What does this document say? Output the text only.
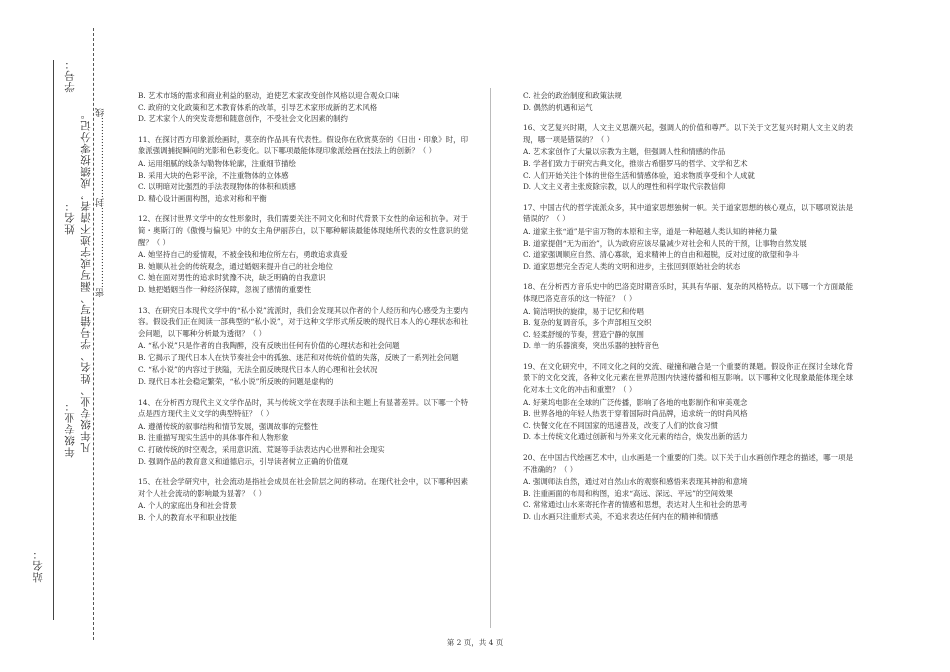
站名：
年级专业：
姓名：
学号：
凡年级专业、姓名、学号错写、漏写或字迹不清者，成绩按零分记。 密………………………封………………………线

B. 艺术市场的需求和商业利益的驱动，迫使艺术家改变创作风格以迎合观众口味

C. 政府的文化政策和艺术教育体系的改革，引导艺术家形成新的艺术风格

D. 艺术家个人的突发奇想和随意创作，不受社会文化因素的制约

11、在探讨西方印象派绘画时，莫奈的作品具有代表性。假设你在欣赏莫奈的《日出・印象》时，印象派强调捕捉瞬间的光影和色彩变化。以下哪项最能体现印象派绘画在技法上的创新？（ ）

A. 运用细腻的线条勾勒物体轮廓，注重细节描绘

B. 采用大块的色彩平涂，不注重物体的立体感

C. 以明暗对比强烈的手法表现物体的体积和质感

D. 精心设计画面构图，追求对称和平衡

12、在探讨世界文学中的女性形象时，我们需要关注不同文化和时代背景下女性的命运和抗争。对于简・奥斯汀的《傲慢与偏见》中的女主角伊丽莎白，以下哪种解读最能体现她所代表的女性意识的觉醒？（ ）

A. 她坚持自己的爱情观，不被金钱和地位所左右，勇敢追求真爱

B. 她顺从社会的传统观念，通过婚姻来提升自己的社会地位

C. 她在面对男性的追求时犹豫不决，缺乏明确的自我意识

D. 她把婚姻当作一种经济保障，忽视了感情的重要性

13、在研究日本现代文学中的“私小说”流派时，我们会发现其以作者的个人经历和内心感受为主要内容。假设我们正在阅读一部典型的“私小说”，对于这种文学形式所反映的现代日本人的心理状态和社会问题，以下哪种分析最为透彻？（ ）

A. “私小说”只是作者的自我陶醉，没有反映出任何有价值的心理状态和社会问题

B. 它揭示了现代日本人在快节奏社会中的孤独、迷茫和对传统价值的失落，反映了一系列社会问题

C. “私小说”的内容过于狭隘，无法全面反映现代日本人的心理和社会状况

D. 现代日本社会稳定繁荣，“私小说”所反映的问题是虚构的

14、在分析西方现代主义文学作品时，其与传统文学在表现手法和主题上有显著差异。以下哪一个特点是西方现代主义文学的典型特征？（ ）

A. 遵循传统的叙事结构和情节发展，强调故事的完整性

B. 注重描写现实生活中的具体事件和人物形象

C. 打破传统的时空观念，采用意识流、荒诞等手法表达内心世界和社会现实

D. 强调作品的教育意义和道德启示，引导读者树立正确的价值观

15、在社会学研究中，社会流动是指社会成员在社会阶层之间的移动。在现代社会中，以下哪种因素对个人社会流动的影响最为显著？（ ）

A. 个人的家庭出身和社会背景

B. 个人的教育水平和职业技能

C. 社会的政治制度和政策法规

D. 偶然的机遇和运气

16、文艺复兴时期，人文主义思潮兴起，强调人的价值和尊严。以下关于文艺复兴时期人文主义的表现，哪一项是错误的？（ ）

A. 艺术家创作了大量以宗教为主题，但强调人性和情感的作品

B. 学者们致力于研究古典文化，推崇古希腊罗马的哲学、文学和艺术

C. 人们开始关注个体的世俗生活和情感体验，追求物质享受和个人成就

D. 人文主义者主张废除宗教，以人的理性和科学取代宗教信仰

17、中国古代的哲学流派众多，其中道家思想独树一帜。关于道家思想的核心观点，以下哪项说法是错误的？（ ）

A. 道家主张“道”是宇宙万物的本原和主宰，道是一种超越人类认知的神秘力量

B. 道家提倡“无为而治”，认为政府应该尽量减少对社会和人民的干预，让事物自然发展

C. 道家强调顺应自然、清心寡欲，追求精神上的自由和超脱，反对过度的欲望和争斗

D. 道家思想完全否定人类的文明和进步，主张回到原始社会的状态

18、在分析西方音乐史中的巴洛克时期音乐时，其具有华丽、复杂的风格特点。以下哪一个方面最能体现巴洛克音乐的这一特征？（ ）

A. 简洁明快的旋律，易于记忆和传唱

B. 复杂的复调音乐，多个声部相互交织

C. 轻柔舒缓的节奏，营造宁静的氛围

D. 单一的乐器演奏，突出乐器的独特音色

19、在文化研究中，不同文化之间的交流、碰撞和融合是一个重要的课题。假设你正在探讨全球化背景下的文化交流，各种文化元素在世界范围内快速传播和相互影响。以下哪种文化现象最能体现全球化对本土文化的冲击和重塑？（ ）

A. 好莱坞电影在全球的广泛传播，影响了各地的电影制作和审美观念

B. 世界各地的年轻人热衷于穿着国际时尚品牌，追求统一的时尚风格

C. 快餐文化在不同国家的迅速普及，改变了人们的饮食习惯

D. 本土传统文化通过创新和与外来文化元素的结合，焕发出新的活力

20、在中国古代绘画艺术中，山水画是一个重要的门类。以下关于山水画创作理念的描述，哪一项是不准确的？（ ）

A. 强调师法自然，通过对自然山水的观察和感悟来表现其神韵和意境

B. 注重画面的布局和构图，追求“高远、深远、平远”的空间效果

C. 常常通过山水来寄托作者的情感和思想，表达对人生和社会的思考

D. 山水画只注重形式美，不追求表达任何内在的精神和情感

第 2 页，共 4 页
